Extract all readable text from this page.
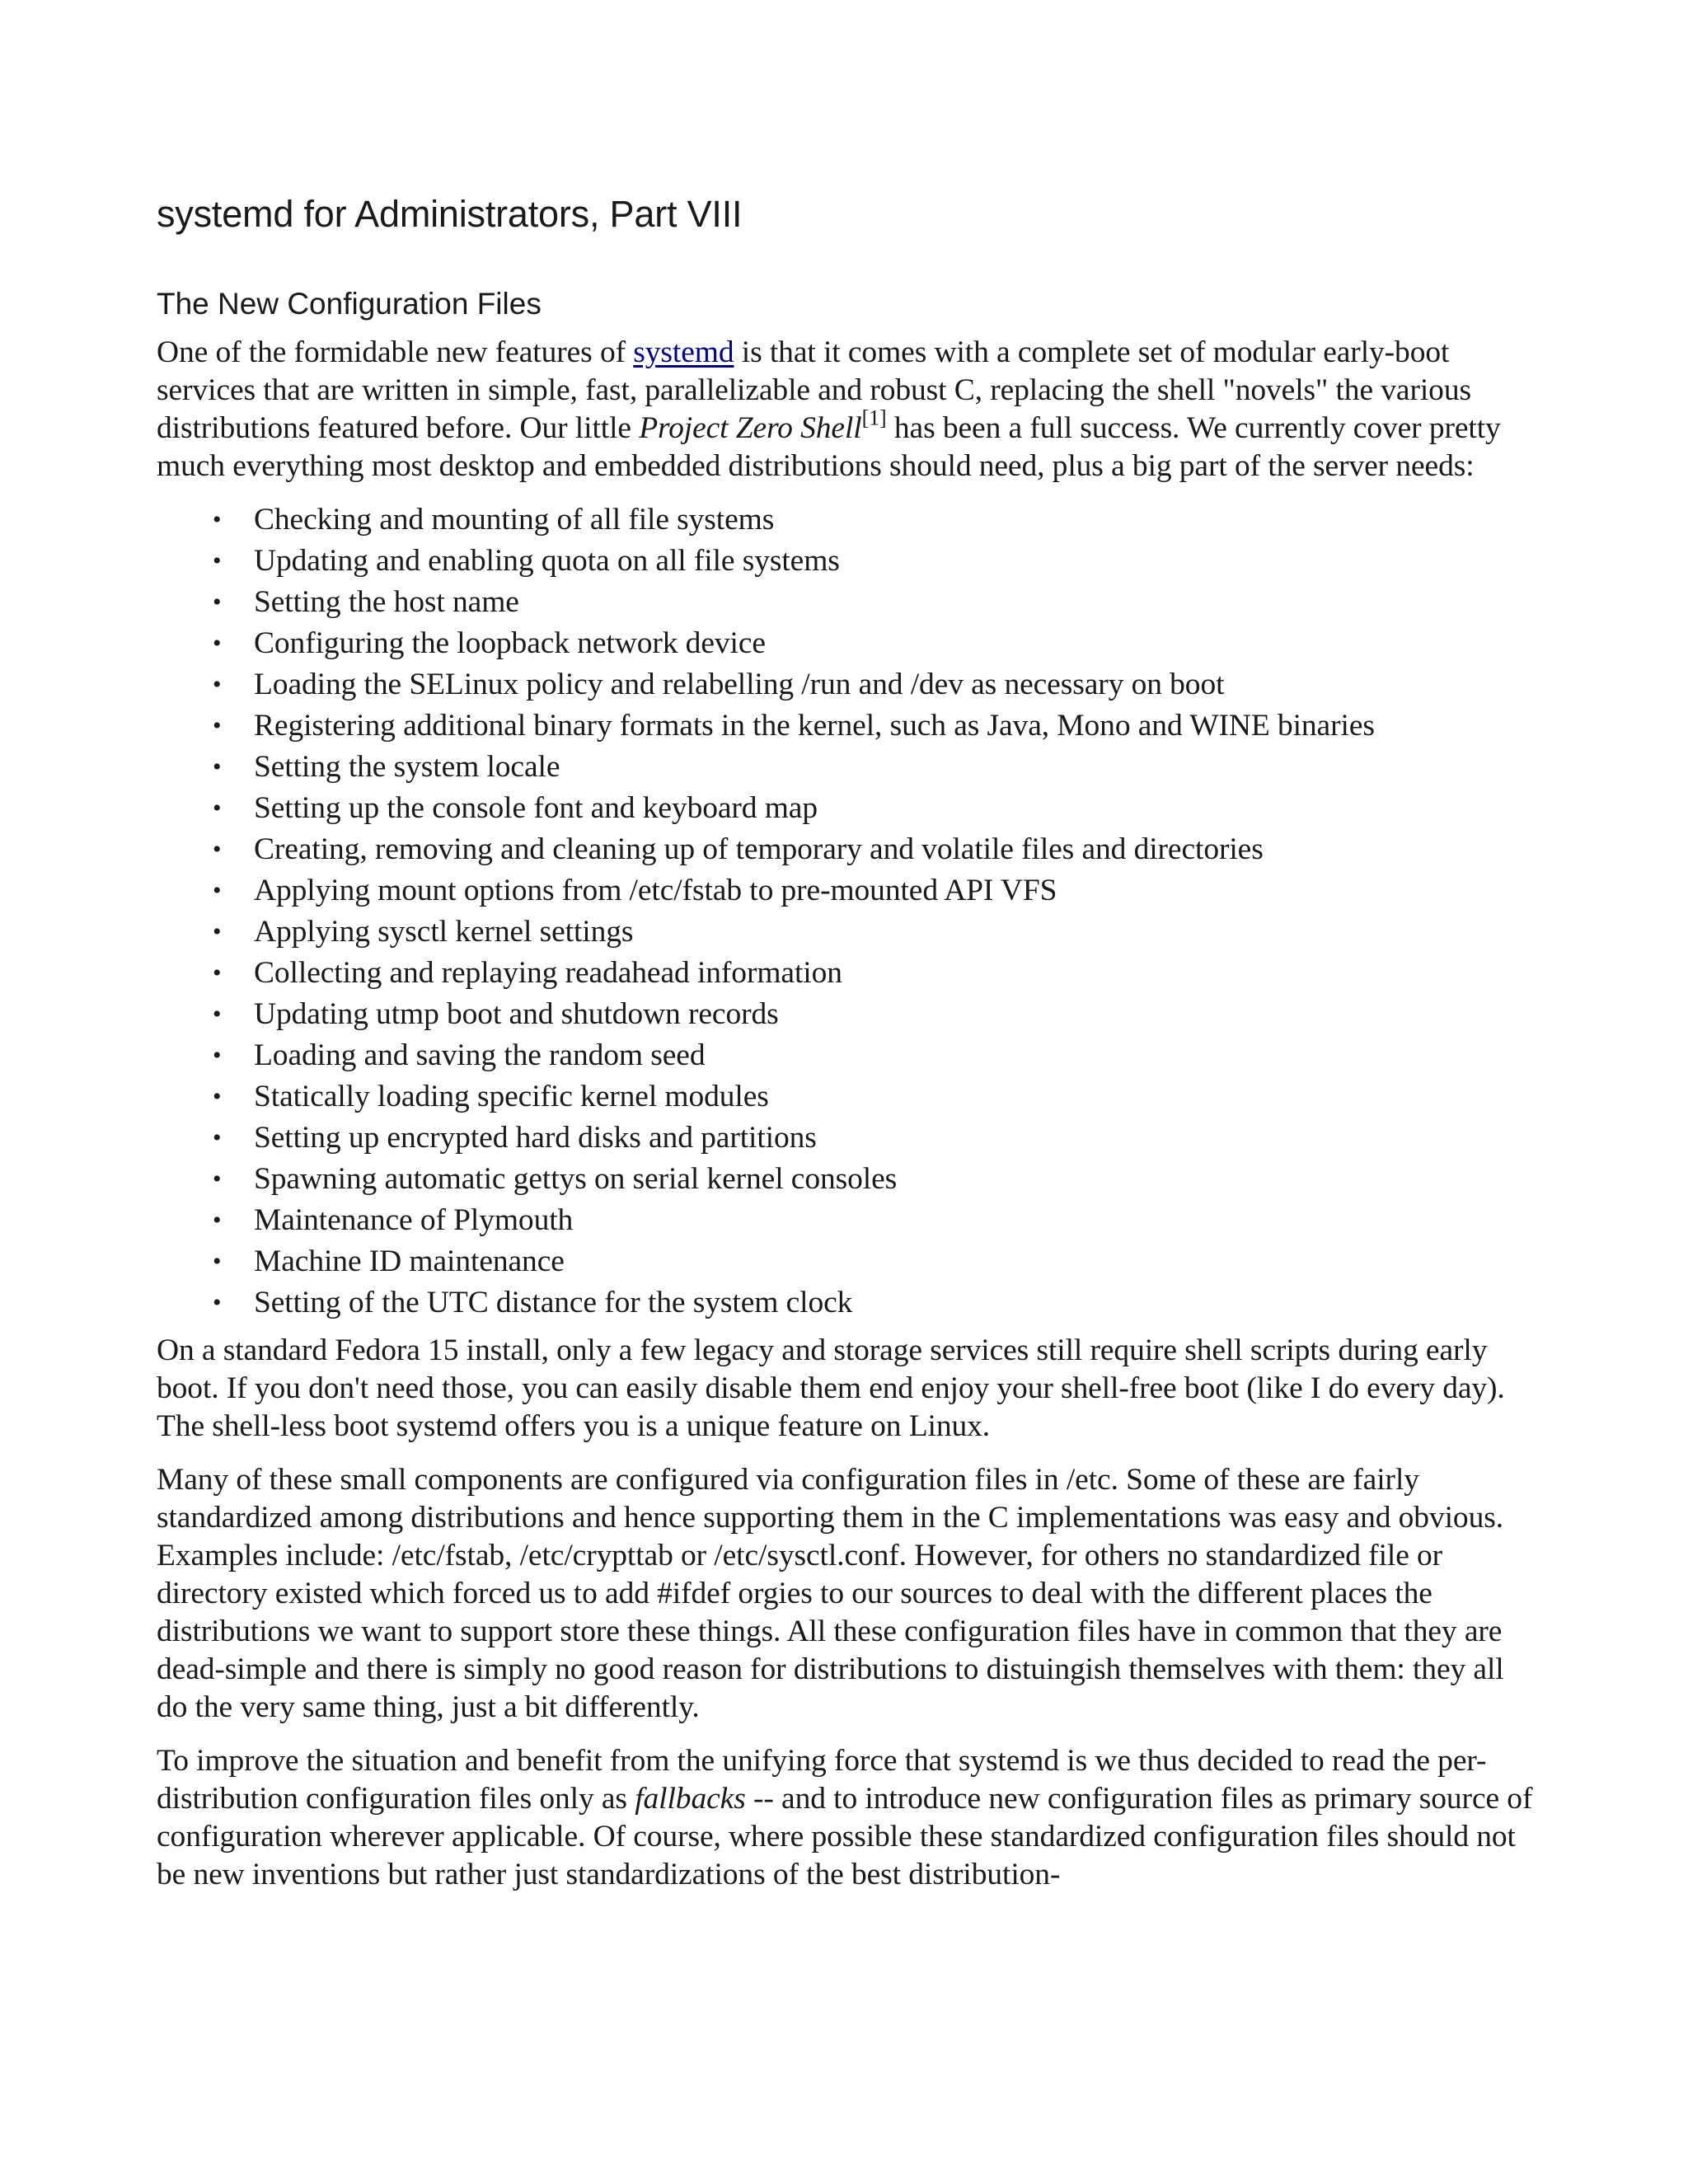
systemd for Administrators, Part VIII
The New Configuration Files

One of the formidable new features of systemd is that it comes with a complete set of modular early-boot services that are written in simple, fast, parallelizable and robust C, replacing the shell "novels" the various distributions featured before. Our little Project Zero Shell[1] has been a full success. We currently cover pretty much everything most desktop and embedded distributions should need, plus a big part of the server needs:

• Checking and mounting of all file systems
• Updating and enabling quota on all file systems
• Setting the host name
• Configuring the loopback network device
• Loading the SELinux policy and relabelling /run and /dev as necessary on boot
• Registering additional binary formats in the kernel, such as Java, Mono and WINE binaries
• Setting the system locale
• Setting up the console font and keyboard map
• Creating, removing and cleaning up of temporary and volatile files and directories
• Applying mount options from /etc/fstab to pre-mounted API VFS
• Applying sysctl kernel settings
• Collecting and replaying readahead information
• Updating utmp boot and shutdown records
• Loading and saving the random seed
• Statically loading specific kernel modules
• Setting up encrypted hard disks and partitions
• Spawning automatic gettys on serial kernel consoles
• Maintenance of Plymouth
• Machine ID maintenance
• Setting of the UTC distance for the system clock

On a standard Fedora 15 install, only a few legacy and storage services still require shell scripts during early boot. If you don't need those, you can easily disable them end enjoy your shell-free boot (like I do every day). The shell-less boot systemd offers you is a unique feature on Linux.

Many of these small components are configured via configuration files in /etc. Some of these are fairly standardized among distributions and hence supporting them in the C implementations was easy and obvious. Examples include: /etc/fstab, /etc/crypttab or /etc/sysctl.conf. However, for others no standardized file or directory existed which forced us to add #ifdef orgies to our sources to deal with the different places the distributions we want to support store these things. All these configuration files have in common that they are dead-simple and there is simply no good reason for distributions to distuingish themselves with them: they all do the very same thing, just a bit differently.

To improve the situation and benefit from the unifying force that systemd is we thus decided to read the per-distribution configuration files only as fallbacks -- and to introduce new configuration files as primary source of configuration wherever applicable. Of course, where possible these standardized configuration files should not be new inventions but rather just standardizations of the best distribution-
